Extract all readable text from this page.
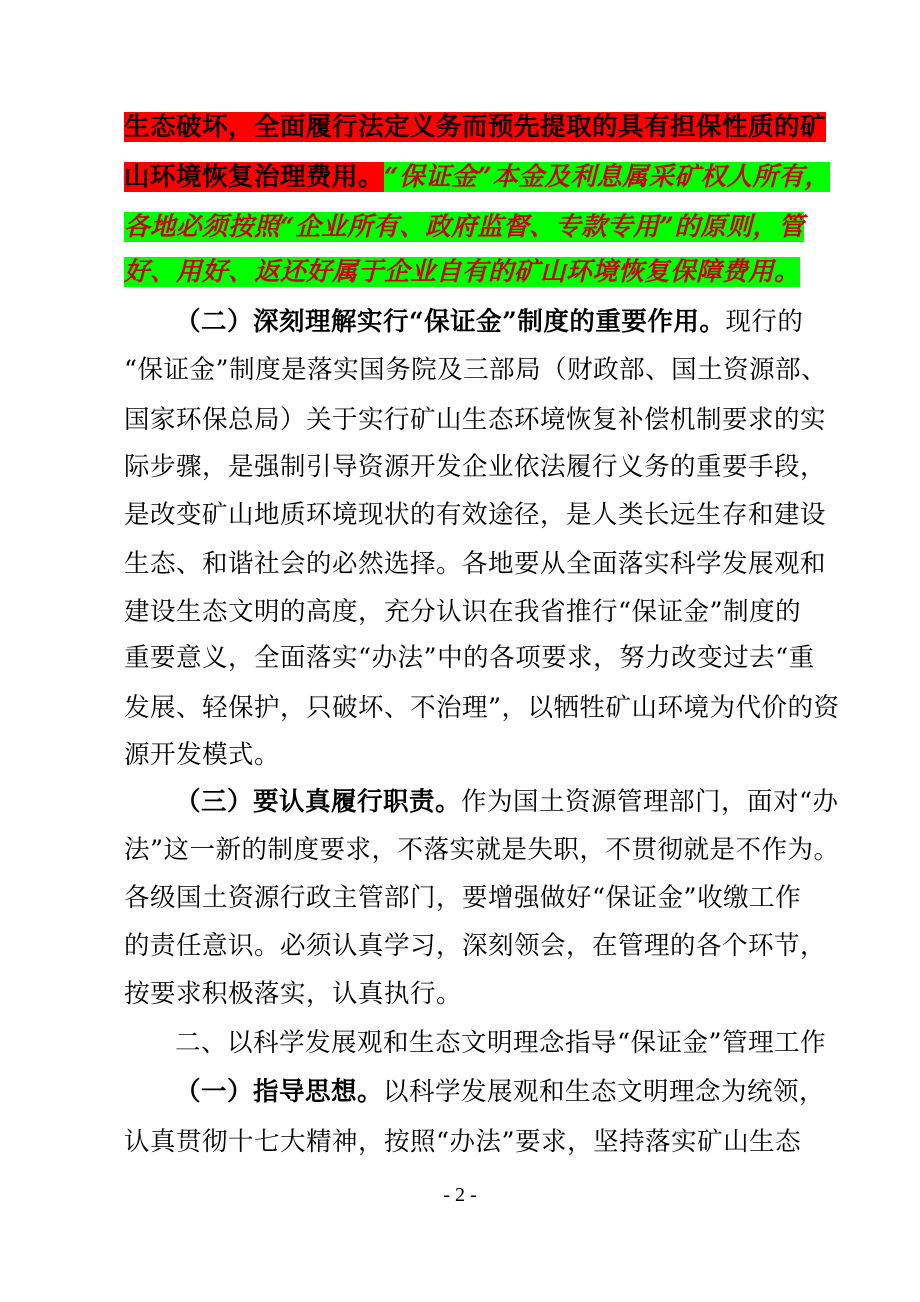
生态破坏，全面履行法定义务而预先提取的具有担保性质的矿
山环境恢复治理费用。“保证金”本金及利息属采矿权人所有，
各地必须按照“企业所有、政府监督、专款专用”的原则，管
好、用好、返还好属于企业自有的矿山环境恢复保障费用。
（二）深刻理解实行“保证金”制度的重要作用。现行的
“保证金”制度是落实国务院及三部局（财政部、国土资源部、
国家环保总局）关于实行矿山生态环境恢复补偿机制要求的实
际步骤，是强制引导资源开发企业依法履行义务的重要手段，
是改变矿山地质环境现状的有效途径，是人类长远生存和建设
生态、和谐社会的必然选择。各地要从全面落实科学发展观和
建设生态文明的高度，充分认识在我省推行“保证金”制度的
重要意义，全面落实“办法”中的各项要求，努力改变过去“重
发展、轻保护，只破坏、不治理”，以牺牲矿山环境为代价的资
源开发模式。
（三）要认真履行职责。作为国土资源管理部门，面对“办
法”这一新的制度要求，不落实就是失职，不贯彻就是不作为。
各级国土资源行政主管部门，要增强做好“保证金”收缴工作
的责任意识。必须认真学习，深刻领会，在管理的各个环节，
按要求积极落实，认真执行。
二、以科学发展观和生态文明理念指导“保证金”管理工作
（一）指导思想。以科学发展观和生态文明理念为统领，
认真贯彻十七大精神，按照“办法”要求，坚持落实矿山生态
- 2 -
